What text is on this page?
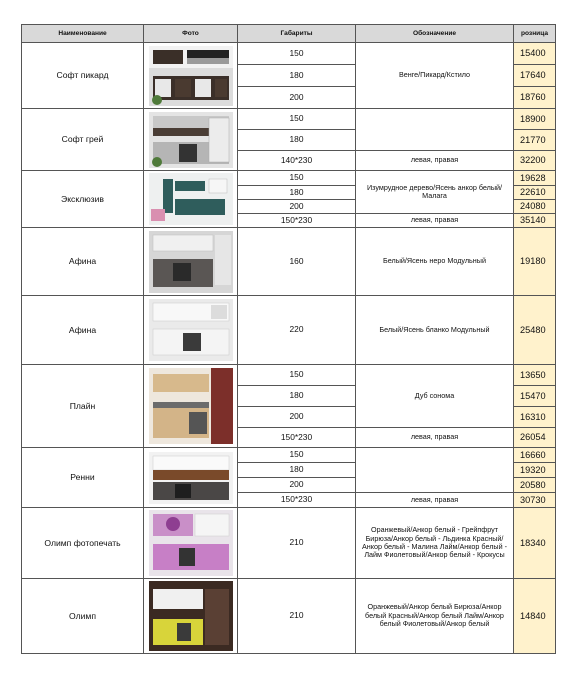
Наименование	Фото	Габариты	Обозначение	розница
Софт пикард		150	Венге/Пикард/Кстило	15400
		180		17640
		200		18760
Софт грей		150		18900
		180		21770
		140*230	левая, правая	32200
Эксклюзив		150	Изумрудное дерево/Ясень анкор белый/Малага	19628
		180		22610
		200		24080
		150*230	левая, правая	35140
Афина		160	Белый/Ясень неро Модульный	19180
Афина		220	Белый/Ясень бланко Модульный	25480
Плайн		150	Дуб сонома	13650
		180		15470
		200		16310
		150*230	левая, правая	26054
Ренни		150		16660
		180		19320
		200		20580
		150*230	левая, правая	30730
Олимп фотопечать		210	Оранжевый/Анкор белый - Грейпфрут Бирюза/Анкор белый - Льдинка Красный/Анкор белый - Малина Лайм/Анкор белый - Лайм Фиолетовый/Анкор белый - Крокусы	18340
Олимп		210	Оранжевый/Анкор белый Бирюза/Анкор белый Красный/Анкор белый Лайм/Анкор белый Фиолетовый/Анкор белый	14840
